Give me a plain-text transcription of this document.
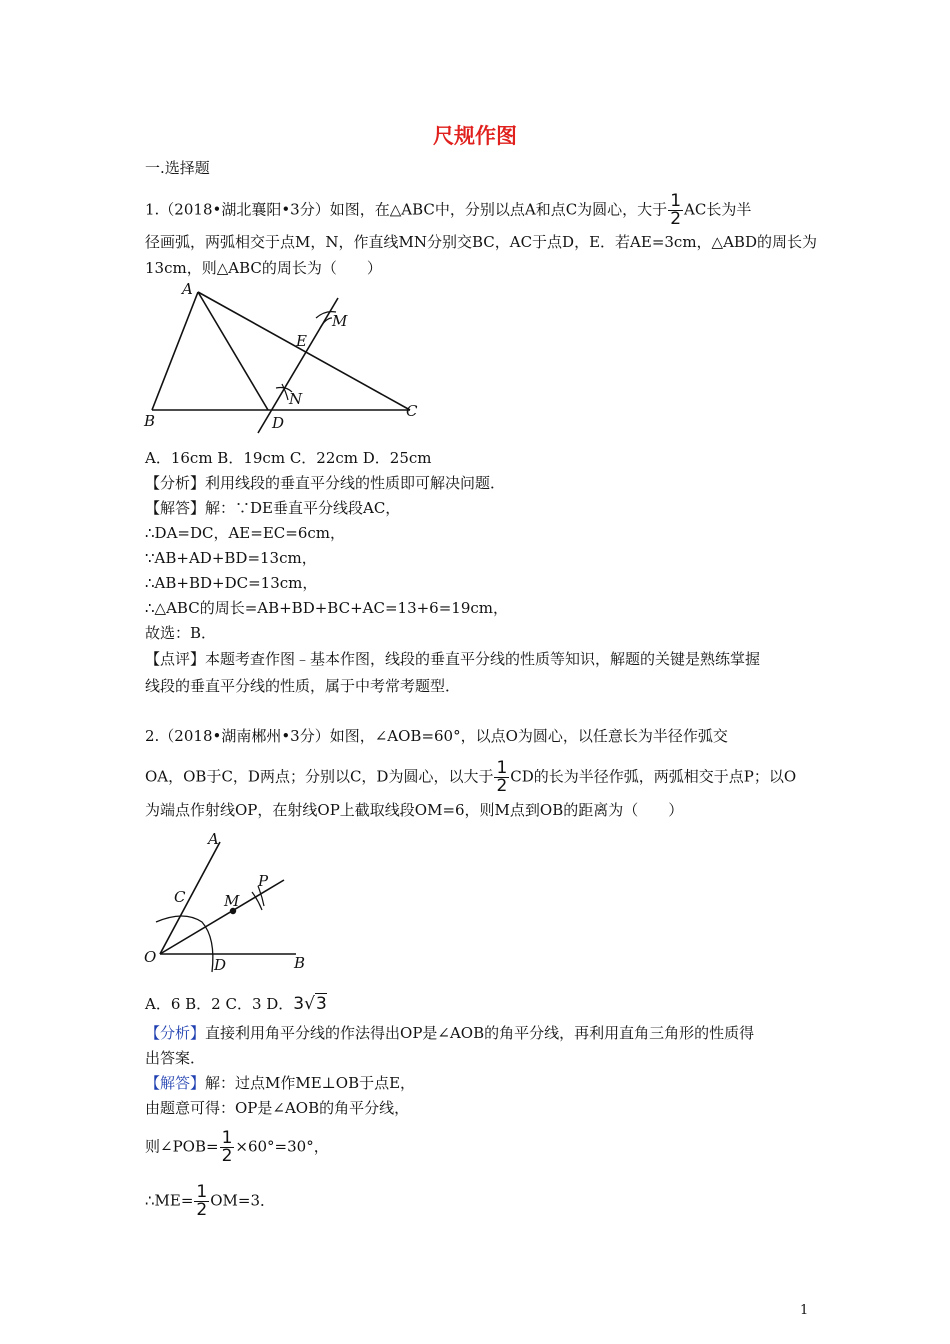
尺规作图
一.选择题
1.（2018•湖北襄阳•3分）如图，在△ABC中，分别以点A和点C为圆心，大于 $\frac{1}{2}$ AC长为半
径画弧，两弧相交于点M，N，作直线MN分别交BC，AC于点D，E．若AE=3cm，△ABD的周长为
13cm，则△ABC的周长为（　　）
A
B
C
D
E
M
N
A．16cm B．19cm C．22cm D．25cm
【分析】利用线段的垂直平分线的性质即可解决问题．
【解答】解：∵DE垂直平分线段AC，
∴DA=DC，AE=EC=6cm，
∵AB+AD+BD=13cm，
∴AB+BD+DC=13cm，
∴△ABC的周长=AB+BD+BC+AC=13+6=19cm，
故选：B．
【点评】本题考查作图﹣基本作图，线段的垂直平分线的性质等知识，解题的关键是熟练掌握
线段的垂直平分线的性质，属于中考常考题型．
2.（2018•湖南郴州•3分）如图，∠AOB=60°，以点O为圆心，以任意长为半径作弧交
OA，OB于C，D两点；分别以C，D为圆心，以大于 $\frac{1}{2}$ CD的长为半径作弧，两弧相交于点P；以O
为端点作射线OP，在射线OP上截取线段OM=6，则M点到OB的距离为（　　）
A
B
C
D
M
O
P
A．6 B．2 C．3 D．3√3
【分析】直接利用角平分线的作法得出OP是∠AOB的角平分线，再利用直角三角形的性质得
出答案．
【解答】解：过点M作ME⊥OB于点E，
由题意可得：OP是∠AOB的角平分线，
则∠POB= $\frac{1}{2} \times 60^\circ=30^\circ$，
∴ME= $\frac{1}{2} OM=3$．
1
